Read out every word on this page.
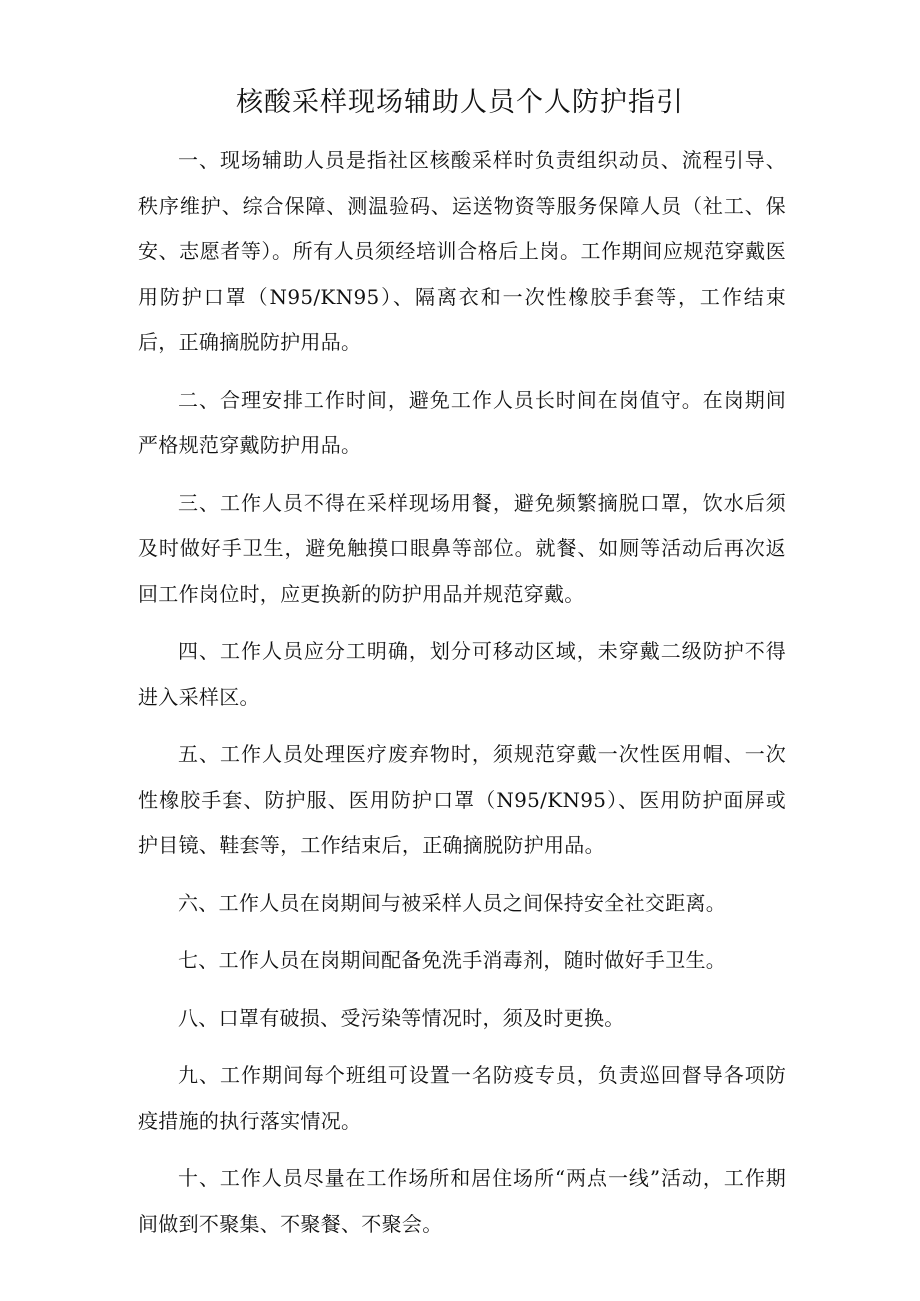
核酸采样现场辅助人员个人防护指引

一、现场辅助人员是指社区核酸采样时负责组织动员、流程引导、秩序维护、综合保障、测温验码、运送物资等服务保障人员（社工、保安、志愿者等）。所有人员须经培训合格后上岗。工作期间应规范穿戴医用防护口罩（N95/KN95）、隔离衣和一次性橡胶手套等，工作结束后，正确摘脱防护用品。

二、合理安排工作时间，避免工作人员长时间在岗值守。在岗期间严格规范穿戴防护用品。

三、工作人员不得在采样现场用餐，避免频繁摘脱口罩，饮水后须及时做好手卫生，避免触摸口眼鼻等部位。就餐、如厕等活动后再次返回工作岗位时，应更换新的防护用品并规范穿戴。

四、工作人员应分工明确，划分可移动区域，未穿戴二级防护不得进入采样区。

五、工作人员处理医疗废弃物时，须规范穿戴一次性医用帽、一次性橡胶手套、防护服、医用防护口罩（N95/KN95）、医用防护面屏或护目镜、鞋套等，工作结束后，正确摘脱防护用品。

六、工作人员在岗期间与被采样人员之间保持安全社交距离。

七、工作人员在岗期间配备免洗手消毒剂，随时做好手卫生。

八、口罩有破损、受污染等情况时，须及时更换。

九、工作期间每个班组可设置一名防疫专员，负责巡回督导各项防疫措施的执行落实情况。

十、工作人员尽量在工作场所和居住场所“两点一线”活动，工作期间做到不聚集、不聚餐、不聚会。
